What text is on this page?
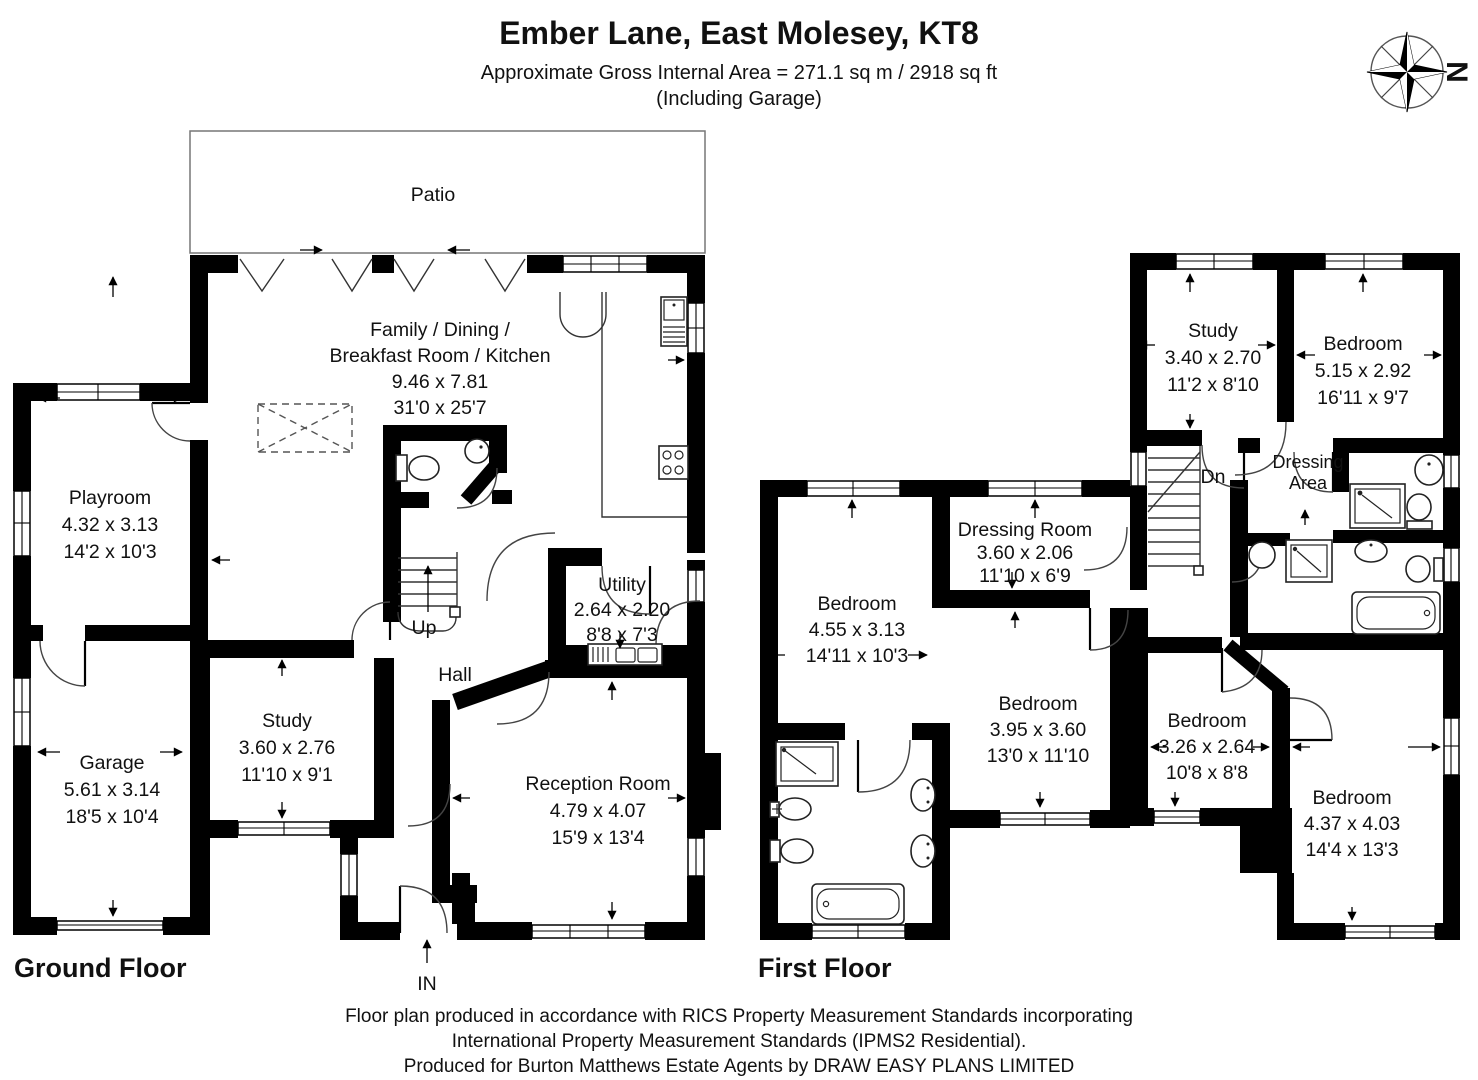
Ember Lane, East Molesey, KT8
Approximate Gross Internal Area = 271.1 sq m / 2918 sq ft
(Including Garage)
N
Patio
Family / Dining /
Breakfast Room / Kitchen
9.46 x 7.81
31'0 x 25'7
Playroom
4.32 x 3.13
14'2 x 10'3
Garage
5.61 x 3.14
18'5 x 10'4
Study
3.60 x 2.76
11'10 x 9'1
Hall
Up
Utility
2.64 x 2.20
8'8 x 7'3
Reception Room
4.79 x 4.07
15'9 x 13'4
IN
Ground Floor
Study
3.40 x 2.70
11'2 x 8'10
Bedroom
5.15 x 2.92
16'11 x 9'7
Dn
Dressing
Area
Dressing Room
3.60 x 2.06
11'10 x 6'9
Bedroom
4.55 x 3.13
14'11 x 10'3
Bedroom
3.95 x 3.60
13'0 x 11'10
Bedroom
3.26 x 2.64
10'8 x 8'8
Bedroom
4.37 x 4.03
14'4 x 13'3
First Floor
Floor plan produced in accordance with RICS Property Measurement Standards incorporating
International Property Measurement Standards (IPMS2 Residential).
Produced for Burton Matthews Estate Agents by DRAW EASY PLANS LIMITED
